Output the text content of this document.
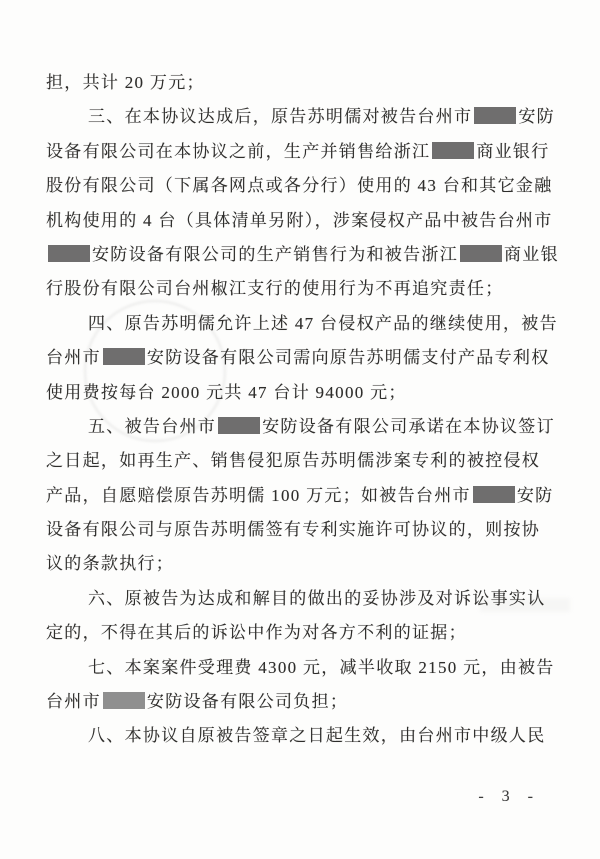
担，共计 20 万元；
三、在本协议达成后，原告苏明儒对被告台州市	安防
设备有限公司在本协议之前，生产并销售给浙江	商业银行
股份有限公司（下属各网点或各分行）使用的 43 台和其它金融
机构使用的 4 台（具体清单另附），涉案侵权产品中被告台州市
安防设备有限公司的生产销售行为和被告浙江	商业银
行股份有限公司台州椒江支行的使用行为不再追究责任；
四、原告苏明儒允许上述 47 台侵权产品的继续使用，被告
台州市	安防设备有限公司需向原告苏明儒支付产品专利权
使用费按每台 2000 元共 47 台计 94000 元；
五、被告台州市	安防设备有限公司承诺在本协议签订
之日起，如再生产、销售侵犯原告苏明儒涉案专利的被控侵权
产品，自愿赔偿原告苏明儒 100 万元；如被告台州市	安防
设备有限公司与原告苏明儒签有专利实施许可协议的，则按协
议的条款执行；
六、原被告为达成和解目的做出的妥协涉及对诉讼事实认
定的，不得在其后的诉讼中作为对各方不利的证据；
七、本案案件受理费 4300 元，减半收取 2150 元，由被告
台州市	安防设备有限公司负担；
八、本协议自原被告签章之日起生效，由台州市中级人民
- 3 -
